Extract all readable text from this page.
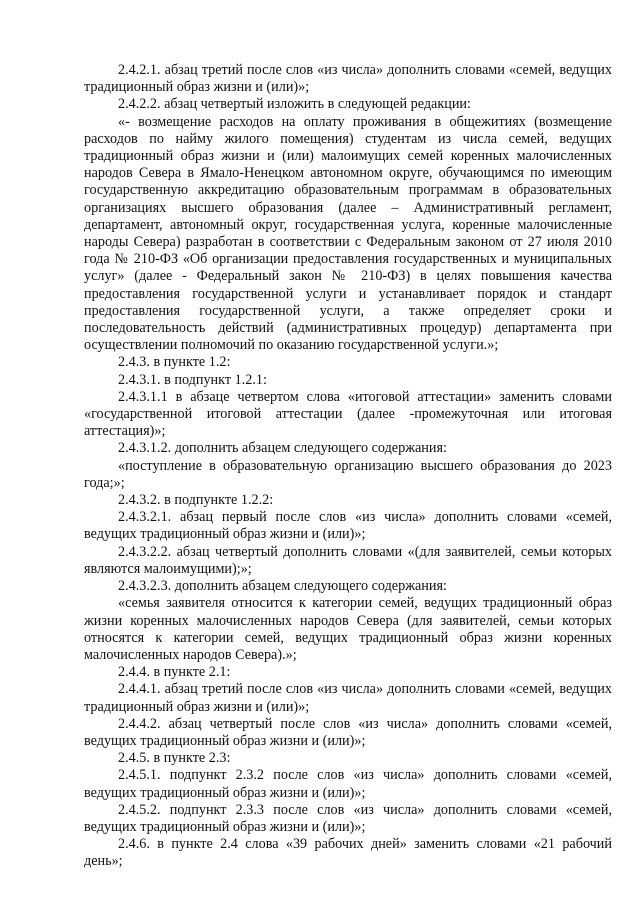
2.4.2.1. абзац третий после слов «из числа» дополнить словами «семей, ведущих традиционный образ жизни и (или)»;

2.4.2.2. абзац четвертый изложить в следующей редакции:

«- возмещение расходов на оплату проживания в общежитиях (возмещение расходов по найму жилого помещения) студентам из числа семей, ведущих традиционный образ жизни и (или) малоимущих семей коренных малочисленных народов Севера в Ямало-Ненецком автономном округе, обучающимся по имеющим государственную аккредитацию образовательным программам в образовательных организациях высшего образования (далее – Административный регламент, департамент, автономный округ, государственная услуга, коренные малочисленные народы Севера) разработан в соответствии с Федеральным законом от 27 июля 2010 года № 210-ФЗ «Об организации предоставления государственных и муниципальных услуг» (далее - Федеральный закон № 210-ФЗ) в целях повышения качества предоставления государственной услуги и устанавливает порядок и стандарт предоставления государственной услуги, а также определяет сроки и последовательность действий (административных процедур) департамента при осуществлении полномочий по оказанию государственной услуги.»;

2.4.3. в пункте 1.2:

2.4.3.1. в подпункт 1.2.1:

2.4.3.1.1 в абзаце четвертом слова «итоговой аттестации» заменить словами «государственной итоговой аттестации (далее -промежуточная или итоговая аттестация)»;

2.4.3.1.2. дополнить абзацем следующего содержания:

«поступление в образовательную организацию высшего образования до 2023 года;»;

2.4.3.2. в подпункте 1.2.2:

2.4.3.2.1. абзац первый после слов «из числа» дополнить словами «семей, ведущих традиционный образ жизни и (или)»;

2.4.3.2.2. абзац четвертый дополнить словами «(для заявителей, семьи которых являются малоимущими);»;

2.4.3.2.3. дополнить абзацем следующего содержания:

«семья заявителя относится к категории семей, ведущих традиционный образ жизни коренных малочисленных народов Севера (для заявителей, семьи которых относятся к категории семей, ведущих традиционный образ жизни коренных малочисленных народов Севера).»;

2.4.4. в пункте 2.1:

2.4.4.1. абзац третий после слов «из числа» дополнить словами «семей, ведущих традиционный образ жизни и (или)»;

2.4.4.2. абзац четвертый после слов «из числа» дополнить словами «семей, ведущих традиционный образ жизни и (или)»;

2.4.5. в пункте 2.3:

2.4.5.1. подпункт 2.3.2 после слов «из числа» дополнить словами «семей, ведущих традиционный образ жизни и (или)»;

2.4.5.2. подпункт 2.3.3 после слов «из числа» дополнить словами «семей, ведущих традиционный образ жизни и (или)»;

2.4.6. в пункте 2.4 слова «39 рабочих дней» заменить словами «21 рабочий день»;
